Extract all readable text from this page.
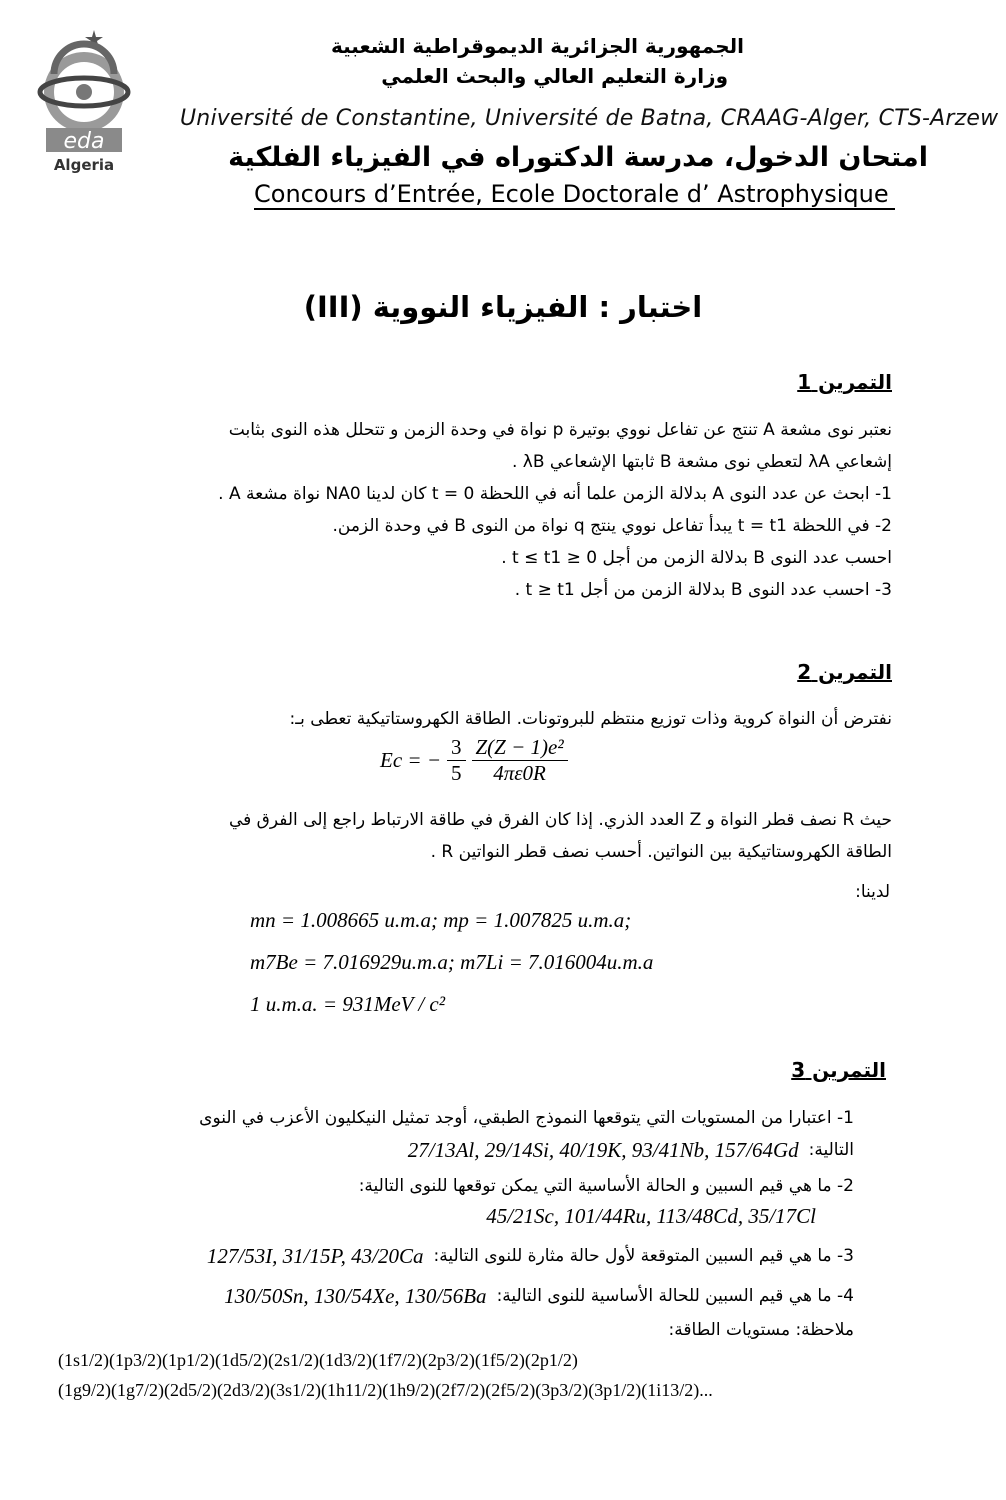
eda
Algeria
الجمهورية الجزائرية الديموقراطية الشعبية
وزارة التعليم العالي والبحث العلمي
Université de Constantine, Université de Batna, CRAAG-Alger, CTS-Arzew
امتحان الدخول، مدرسة الدكتوراه في الفيزياء الفلكية
Concours d’Entrée, Ecole Doctorale d’ Astrophysique
اختبار : الفيزياء النووية (III)
التمرين 1
نعتبر نوى مشعة A تنتج عن تفاعل نووي بوتيرة p نواة في وحدة الزمن و تتحلل هذه النوى بثابت
إشعاعي λA لتعطي نوى مشعة B ثابتها الإشعاعي λB .
1- ابحث عن عدد النوى A بدلالة الزمن علما أنه في اللحظة t = 0 كان لدينا NA0 نواة مشعة A .
2- في اللحظة t = t1 يبدأ تفاعل نووي ينتج q نواة من النوى B في وحدة الزمن.
احسب عدد النوى B بدلالة الزمن من أجل 0 ≤ t ≤ t1 .
3- احسب عدد النوى B بدلالة الزمن من أجل t ≥ t1 .
التمرين 2
نفترض أن النواة كروية وذات توزيع منتظم للبروتونات. الطاقة الكهروستاتيكية تعطى بـ:
Ec = − $\frac{3}{5} \frac{\text{Z(Z − 1)e²}}{4\pi\varepsilon 0R}$
حيث R نصف قطر النواة و Z العدد الذري. إذا كان الفرق في طاقة الارتباط راجع إلى الفرق في
الطاقة الكهروستاتيكية بين النواتين. أحسب نصف قطر النواتين R .
لدينا:
mn = 1.008665 u.m.a; mp = 1.007825 u.m.a;
m7Be = 7.016929u.m.a; m7Li = 7.016004u.m.a
1 u.m.a. = 931MeV / c²
التمرين 3
1- اعتبارا من المستويات التي يتوقعها النموذج الطبقي، أوجد تمثيل النيكليون الأعزب في النوى
التالية:
27/13Al, 29/14Si, 40/19K, 93/41Nb, 157/64Gd
2- ما هي قيم السبين و الحالة الأساسية التي يمكن توقعها للنوى التالية:
45/21Sc, 101/44Ru, 113/48Cd, 35/17Cl
3- ما هي قيم السبين المتوقعة لأول حالة مثارة للنوى التالية:
127/53I, 31/15P, 43/20Ca
4- ما هي قيم السبين للحالة الأساسية للنوى التالية:
130/50Sn, 130/54Xe, 130/56Ba
ملاحظة: مستويات الطاقة:
(1s1/2)(1p3/2)(1p1/2)(1d5/2)(2s1/2)(1d3/2)(1f7/2)(2p3/2)(1f5/2)(2p1/2)
(1g9/2)(1g7/2)(2d5/2)(2d3/2)(3s1/2)(1h11/2)(1h9/2)(2f7/2)(2f5/2)(3p3/2)(3p1/2)(1i13/2)...
